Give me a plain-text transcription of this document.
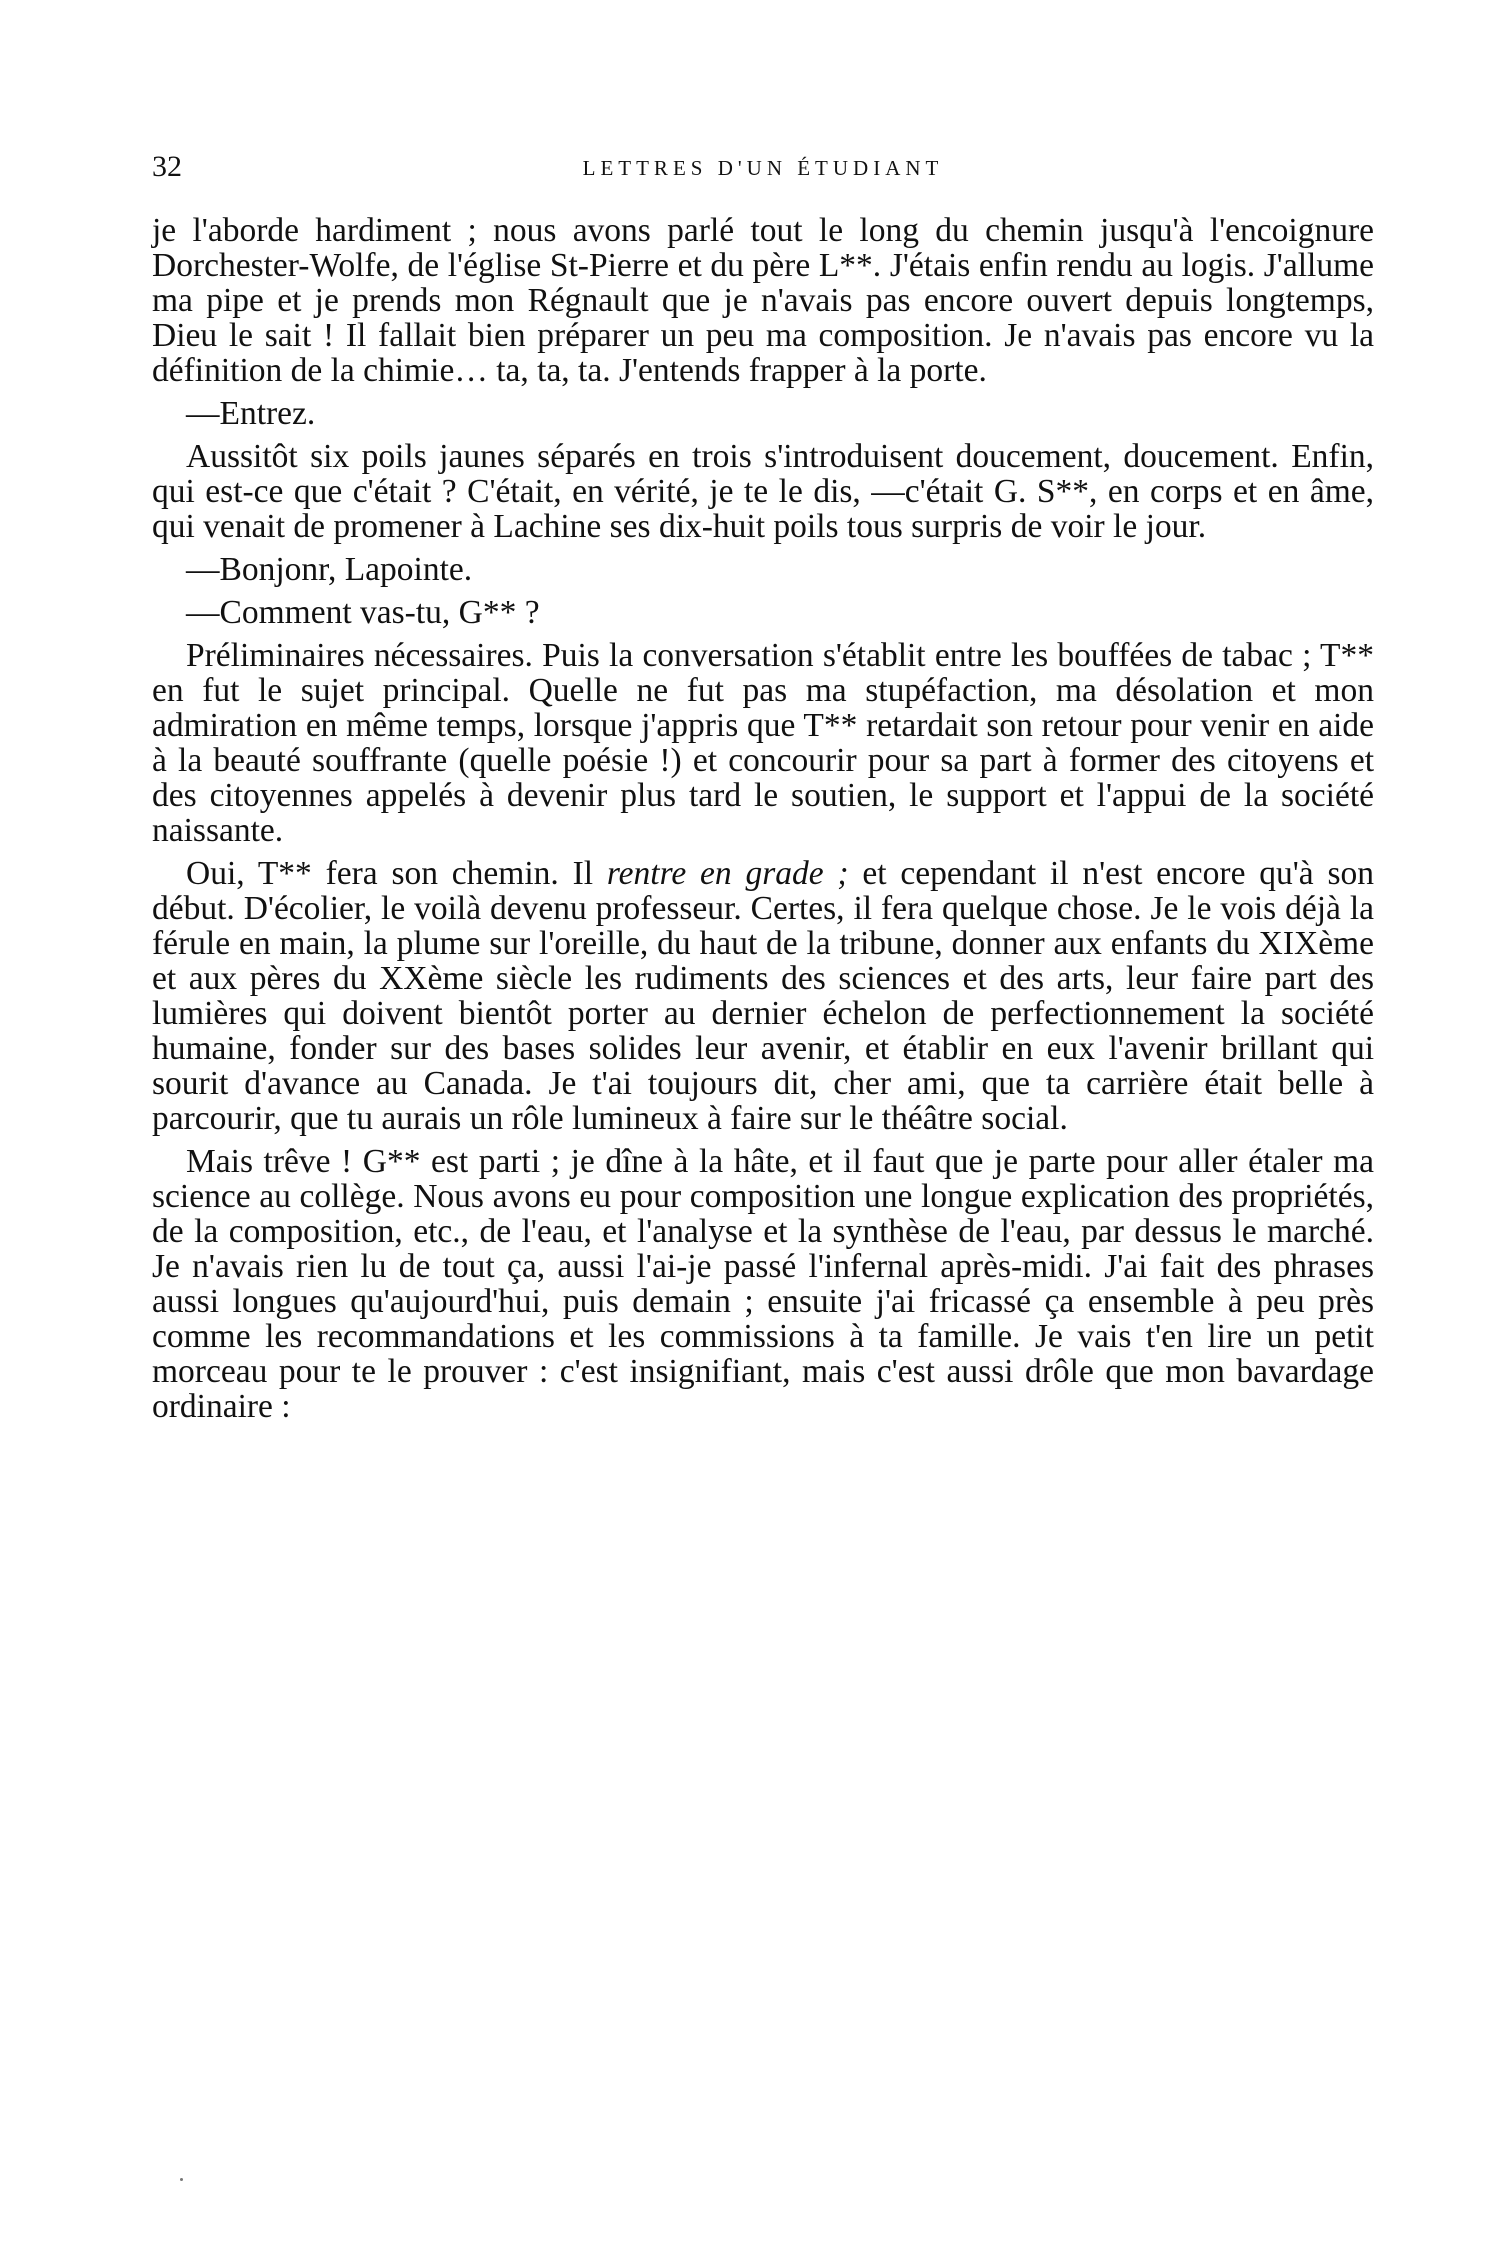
32	LETTRES D'UN ÉTUDIANT

je l'aborde hardiment ; nous avons parlé tout le long du chemin jusqu'à l'encoignure Dorchester-Wolfe, de l'église St-Pierre et du père L**. J'étais enfin rendu au logis. J'allume ma pipe et je prends mon Régnault que je n'avais pas encore ouvert depuis longtemps, Dieu le sait ! Il fallait bien préparer un peu ma composition. Je n'avais pas encore vu la définition de la chimie… ta, ta, ta. J'entends frapper à la porte.

—Entrez.

Aussitôt six poils jaunes séparés en trois s'introduisent doucement, doucement. Enfin, qui est-ce que c'était ? C'était, en vérité, je te le dis, —c'était G. S**, en corps et en âme, qui venait de promener à Lachine ses dix-huit poils tous surpris de voir le jour.

—Bonjonr, Lapointe.

—Comment vas-tu, G** ?

Préliminaires nécessaires. Puis la conversation s'établit entre les bouffées de tabac ; T** en fut le sujet principal. Quelle ne fut pas ma stupéfaction, ma désolation et mon admiration en même temps, lorsque j'appris que T** retardait son retour pour venir en aide à la beauté souffrante (quelle poésie !) et concourir pour sa part à former des citoyens et des citoyennes appelés à devenir plus tard le soutien, le support et l'appui de la société naissante.

Oui, T** fera son chemin. Il rentre en grade ; et cependant il n'est encore qu'à son début. D'écolier, le voilà devenu professeur. Certes, il fera quelque chose. Je le vois déjà la férule en main, la plume sur l'oreille, du haut de la tribune, donner aux enfants du XIXème et aux pères du XXème siècle les rudiments des sciences et des arts, leur faire part des lumières qui doivent bientôt porter au dernier échelon de perfectionnement la société humaine, fonder sur des bases solides leur avenir, et établir en eux l'avenir brillant qui sourit d'avance au Canada. Je t'ai toujours dit, cher ami, que ta carrière était belle à parcourir, que tu aurais un rôle lumineux à faire sur le théâtre social.

Mais trêve ! G** est parti ; je dîne à la hâte, et il faut que je parte pour aller étaler ma science au collège. Nous avons eu pour composition une longue explication des propriétés, de la composition, etc., de l'eau, et l'analyse et la synthèse de l'eau, par dessus le marché. Je n'avais rien lu de tout ça, aussi l'ai-je passé l'infernal après-midi. J'ai fait des phrases aussi longues qu'aujourd'hui, puis demain ; ensuite j'ai fricassé ça ensemble à peu près comme les recommandations et les commissions à ta famille. Je vais t'en lire un petit morceau pour te le prouver : c'est insignifiant, mais c'est aussi drôle que mon bavardage ordinaire :
